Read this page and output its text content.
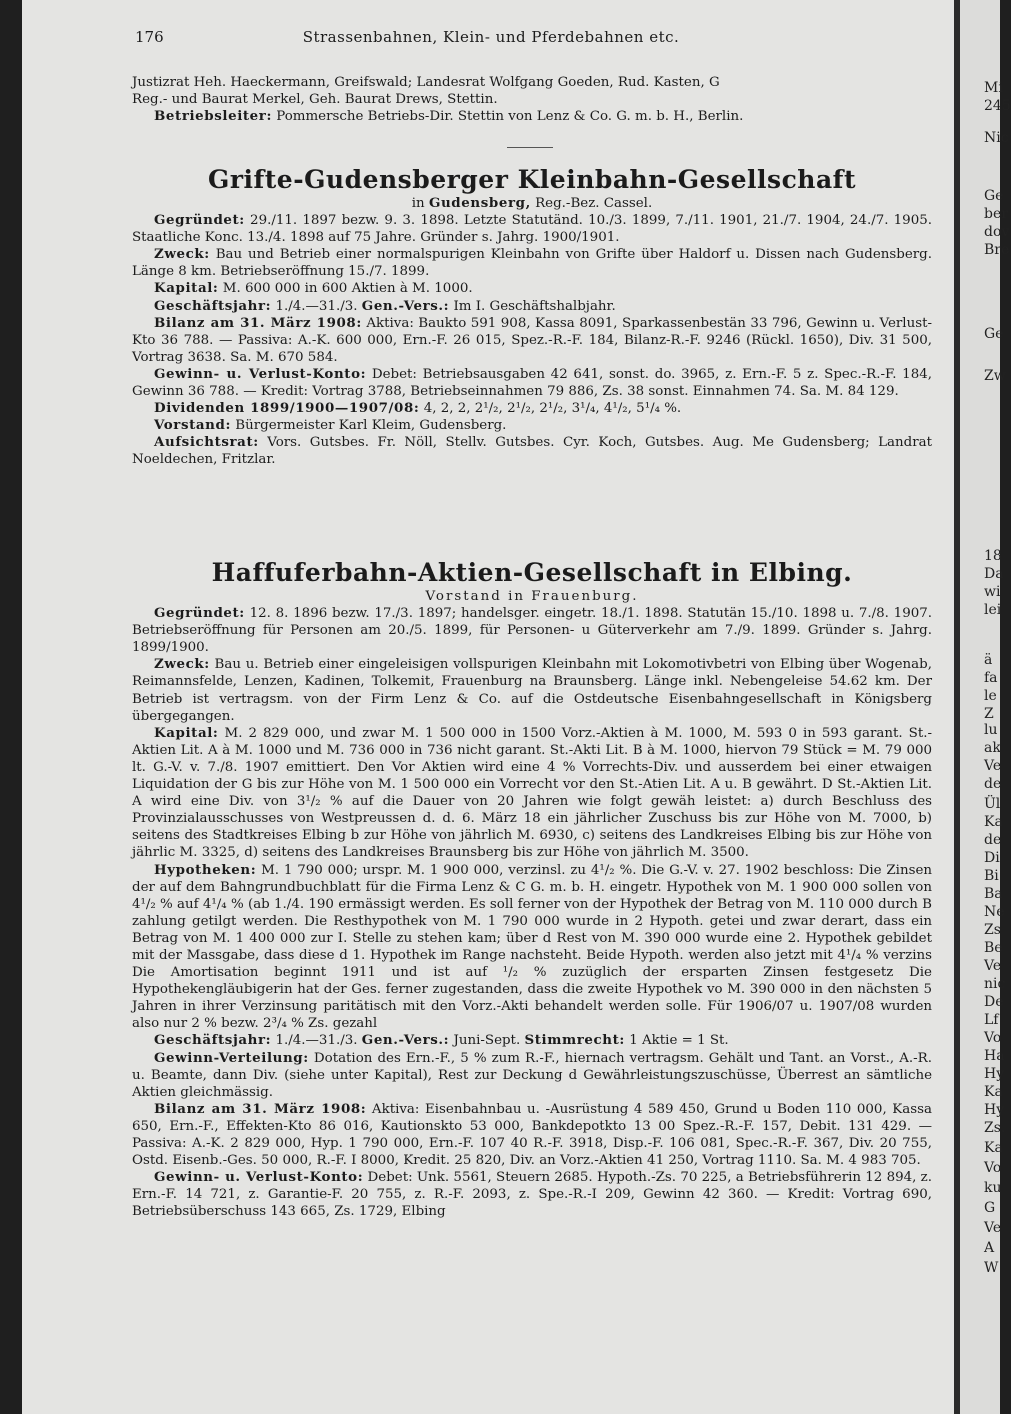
176	Strassenbahnen, Klein- und Pferdebahnen etc.

Justizrat Heh. Haeckermann, Greifswald; Landesrat Wolfgang Goeden, Rud. Kasten, G

Reg.- und Baurat Merkel, Geh. Baurat Drews, Stettin.

Betriebsleiter: Pommersche Betriebs-Dir. Stettin von Lenz & Co. G. m. b. H., Berlin.

Grifte-Gudensberger Kleinbahn-Gesellschaft

in Gudensberg, Reg.-Bez. Cassel.

Gegründet: 29./11. 1897 bezw. 9. 3. 1898. Letzte Statutänd. 10./3. 1899, 7./11. 1901, 21./7. 1904, 24./7. 1905. Staatliche Konc. 13./4. 1898 auf 75 Jahre. Gründer s. Jahrg. 1900/1901.

Zweck: Bau und Betrieb einer normalspurigen Kleinbahn von Grifte über Haldorf u. Dissen nach Gudensberg. Länge 8 km. Betriebseröffnung 15./7. 1899.

Kapital: M. 600 000 in 600 Aktien à M. 1000.

Geschäftsjahr: 1./4.—31./3. Gen.-Vers.: Im I. Geschäftshalbjahr.

Bilanz am 31. März 1908: Aktiva: Baukto 591 908, Kassa 8091, Sparkassenbestän 33 796, Gewinn u. Verlust-Kto 36 788. — Passiva: A.-K. 600 000, Ern.-F. 26 015, Spez.-R.-F. 184, Bilanz-R.-F. 9246 (Rückl. 1650), Div. 31 500, Vortrag 3638. Sa. M. 670 584.

Gewinn- u. Verlust-Konto: Debet: Betriebsausgaben 42 641, sonst. do. 3965, z. Ern.-F. 5 z. Spec.-R.-F. 184, Gewinn 36 788. — Kredit: Vortrag 3788, Betriebseinnahmen 79 886, Zs. 38 sonst. Einnahmen 74. Sa. M. 84 129.

Dividenden 1899/1900—1907/08: 4, 2, 2, 2¹/₂, 2¹/₂, 2¹/₂, 3¹/₄, 4¹/₂, 5¹/₄ %.

Vorstand: Bürgermeister Karl Kleim, Gudensberg.

Aufsichtsrat: Vors. Gutsbes. Fr. Nöll, Stellv. Gutsbes. Cyr. Koch, Gutsbes. Aug. Me Gudensberg; Landrat Noeldechen, Fritzlar.

Haffuferbahn-Aktien-Gesellschaft in Elbing.

Vorstand in Frauenburg.

Gegründet: 12. 8. 1896 bezw. 17./3. 1897; handelsger. eingetr. 18./1. 1898. Statutän 15./10. 1898 u. 7./8. 1907. Betriebseröffnung für Personen am 20./5. 1899, für Personen- u Güterverkehr am 7./9. 1899. Gründer s. Jahrg. 1899/1900.

Zweck: Bau u. Betrieb einer eingeleisigen vollspurigen Kleinbahn mit Lokomotivbetri von Elbing über Wogenab, Reimannsfelde, Lenzen, Kadinen, Tolkemit, Frauenburg na Braunsberg. Länge inkl. Nebengeleise 54.62 km. Der Betrieb ist vertragsm. von der Firm Lenz & Co. auf die Ostdeutsche Eisenbahngesellschaft in Königsberg übergegangen.

Kapital: M. 2 829 000, und zwar M. 1 500 000 in 1500 Vorz.-Aktien à M. 1000, M. 593 0 in 593 garant. St.-Aktien Lit. A à M. 1000 und M. 736 000 in 736 nicht garant. St.-Akti Lit. B à M. 1000, hiervon 79 Stück = M. 79 000 lt. G.-V. v. 7./8. 1907 emittiert. Den Vor Aktien wird eine 4 % Vorrechts-Div. und ausserdem bei einer etwaigen Liquidation der G bis zur Höhe von M. 1 500 000 ein Vorrecht vor den St.-Atien Lit. A u. B gewährt. D St.-Aktien Lit. A wird eine Div. von 3¹/₂ % auf die Dauer von 20 Jahren wie folgt gewäh leistet: a) durch Beschluss des Provinzialausschusses von Westpreussen d. d. 6. März 18 ein jährlicher Zuschuss bis zur Höhe von M. 7000, b) seitens des Stadtkreises Elbing b zur Höhe von jährlich M. 6930, c) seitens des Landkreises Elbing bis zur Höhe von jährlic M. 3325, d) seitens des Landkreises Braunsberg bis zur Höhe von jährlich M. 3500.

Hypotheken: M. 1 790 000; urspr. M. 1 900 000, verzinsl. zu 4¹/₂ %. Die G.-V. v. 27. 1902 beschloss: Die Zinsen der auf dem Bahngrundbuchblatt für die Firma Lenz & C G. m. b. H. eingetr. Hypothek von M. 1 900 000 sollen von 4¹/₂ % auf 4¹/₄ % (ab 1./4. 190 ermässigt werden. Es soll ferner von der Hypothek der Betrag von M. 110 000 durch B zahlung getilgt werden. Die Resthypothek von M. 1 790 000 wurde in 2 Hypoth. getei und zwar derart, dass ein Betrag von M. 1 400 000 zur I. Stelle zu stehen kam; über d Rest von M. 390 000 wurde eine 2. Hypothek gebildet mit der Massgabe, dass diese d 1. Hypothek im Range nachsteht. Beide Hypoth. werden also jetzt mit 4¹/₄ % verzins Die Amortisation beginnt 1911 und ist auf ¹/₂ % zuzüglich der ersparten Zinsen festgesetz Die Hypothekengläubigerin hat der Ges. ferner zugestanden, dass die zweite Hypothek vo M. 390 000 in den nächsten 5 Jahren in ihrer Verzinsung paritätisch mit den Vorz.-Akti behandelt werden solle. Für 1906/07 u. 1907/08 wurden also nur 2 % bezw. 2³/₄ % Zs. gezahl

Geschäftsjahr: 1./4.—31./3. Gen.-Vers.: Juni-Sept. Stimmrecht: 1 Aktie = 1 St.

Gewinn-Verteilung: Dotation des Ern.-F., 5 % zum R.-F., hiernach vertragsm. Gehält und Tant. an Vorst., A.-R. u. Beamte, dann Div. (siehe unter Kapital), Rest zur Deckung d Gewährleistungszuschüsse, Überrest an sämtliche Aktien gleichmässig.

Bilanz am 31. März 1908: Aktiva: Eisenbahnbau u. -Ausrüstung 4 589 450, Grund u Boden 110 000, Kassa 650, Ern.-F., Effekten-Kto 86 016, Kautionskto 53 000, Bankdepotkto 13 00 Spez.-R.-F. 157, Debit. 131 429. — Passiva: A.-K. 2 829 000, Hyp. 1 790 000, Ern.-F. 107 40 R.-F. 3918, Disp.-F. 106 081, Spec.-R.-F. 367, Div. 20 755, Ostd. Eisenb.-Ges. 50 000, R.-F. I 8000, Kredit. 25 820, Div. an Vorz.-Aktien 41 250, Vortrag 1110. Sa. M. 4 983 705.

Gewinn- u. Verlust-Konto: Debet: Unk. 5561, Steuern 2685. Hypoth.-Zs. 70 225, a Betriebsführerin 12 894, z. Ern.-F. 14 721, z. Garantie-F. 20 755, z. R.-F. 2093, z. Spe.-R.-I 209, Gewinn 42 360. — Kredit: Vortrag 690, Betriebsüberschuss 143 665, Zs. 1729, Elbing

Mi
245
Nic
Ge
ber
dov
Bre
Ge
Zw
18
Da
wi
lei
ä
fa
le
Z
lu
ak
Ve
de
Ül
Ka
de
Di
Bi
Ba
Ne
Zs
Be
Ve
nic
De
Lf
Vo
Ha
Hy
Ka
Hy
Zs.
Ka
Vo
ku
G
Ve
A
W
